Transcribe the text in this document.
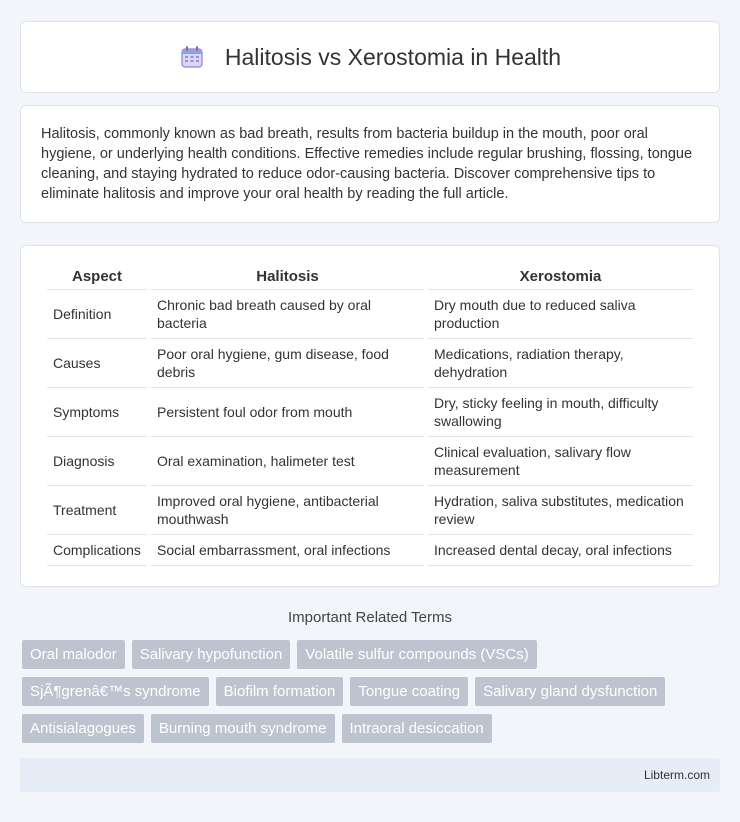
Halitosis vs Xerostomia in Health

Halitosis, commonly known as bad breath, results from bacteria buildup in the mouth, poor oral hygiene, or underlying health conditions. Effective remedies include regular brushing, flossing, tongue cleaning, and staying hydrated to reduce odor-causing bacteria. Discover comprehensive tips to eliminate halitosis and improve your oral health by reading the full article.

Aspect	Halitosis	Xerostomia
Definition	Chronic bad breath caused by oral bacteria	Dry mouth due to reduced saliva production
Causes	Poor oral hygiene, gum disease, food debris	Medications, radiation therapy, dehydration
Symptoms	Persistent foul odor from mouth	Dry, sticky feeling in mouth, difficulty swallowing
Diagnosis	Oral examination, halimeter test	Clinical evaluation, salivary flow measurement
Treatment	Improved oral hygiene, antibacterial mouthwash	Hydration, saliva substitutes, medication review
Complications	Social embarrassment, oral infections	Increased dental decay, oral infections
Important Related Terms
Oral malodor	Salivary hypofunction	Volatile sulfur compounds (VSCs)
SjÃ¶grenâ€™s syndrome	Biofilm formation	Tongue coating	Salivary gland dysfunction
Antisialagogues	Burning mouth syndrome	Intraoral desiccation
Libterm.com
